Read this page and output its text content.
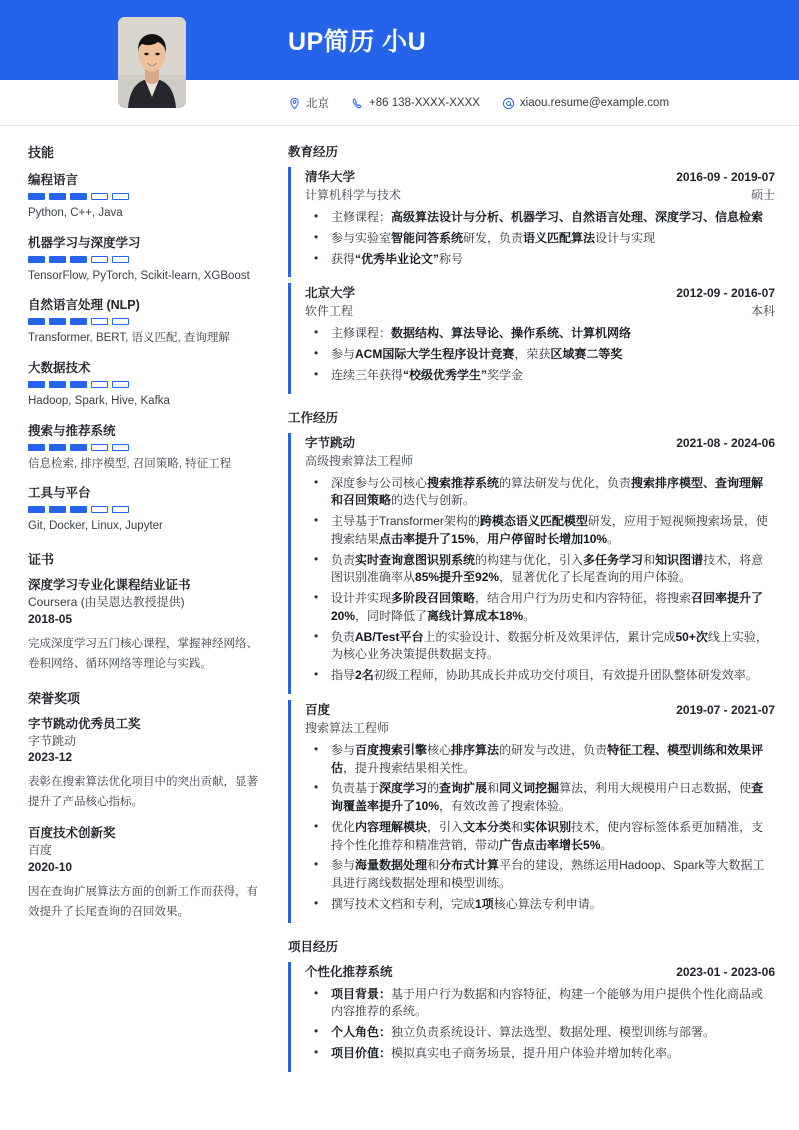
UP简历 小U
北京	+86 138-XXXX-XXXX	xiaou.resume@example.com
技能
编程语言
Python, C++, Java
机器学习与深度学习
TensorFlow, PyTorch, Scikit-learn, XGBoost
自然语言处理 (NLP)
Transformer, BERT, 语义匹配, 查询理解
大数据技术
Hadoop, Spark, Hive, Kafka
搜索与推荐系统
信息检索, 排序模型, 召回策略, 特征工程
工具与平台
Git, Docker, Linux, Jupyter
证书
深度学习专业化课程结业证书
Coursera (由吴恩达教授提供)
2018-05
完成深度学习五门核心课程，掌握神经网络、卷积网络、循环网络等理论与实践。
荣誉奖项
字节跳动优秀员工奖
字节跳动
2023-12
表彰在搜索算法优化项目中的突出贡献，显著提升了产品核心指标。
百度技术创新奖
百度
2020-10
因在查询扩展算法方面的创新工作而获得，有效提升了长尾查询的召回效果。
教育经历
清华大学	2016-09 - 2019-07
计算机科学与技术	硕士
• 主修课程：高级算法设计与分析、机器学习、自然语言处理、深度学习、信息检索
• 参与实验室智能问答系统研发，负责语义匹配算法设计与实现
• 获得“优秀毕业论文”称号
北京大学	2012-09 - 2016-07
软件工程	本科
• 主修课程：数据结构、算法导论、操作系统、计算机网络
• 参与ACM国际大学生程序设计竞赛，荣获区域赛二等奖
• 连续三年获得“校级优秀学生”奖学金
工作经历
字节跳动	2021-08 - 2024-06
高级搜索算法工程师
• 深度参与公司核心搜索推荐系统的算法研发与优化，负责搜索排序模型、查询理解和召回策略的迭代与创新。
• 主导基于Transformer架构的跨模态语义匹配模型研发，应用于短视频搜索场景，使搜索结果点击率提升了15%，用户停留时长增加10%。
• 负责实时查询意图识别系统的构建与优化，引入多任务学习和知识图谱技术，将意图识别准确率从85%提升至92%，显著优化了长尾查询的用户体验。
• 设计并实现多阶段召回策略，结合用户行为历史和内容特征，将搜索召回率提升了20%，同时降低了离线计算成本18%。
• 负责AB/Test平台上的实验设计、数据分析及效果评估，累计完成50+次线上实验，为核心业务决策提供数据支持。
• 指导2名初级工程师，协助其成长并成功交付项目，有效提升团队整体研发效率。
百度	2019-07 - 2021-07
搜索算法工程师
• 参与百度搜索引擎核心排序算法的研发与改进，负责特征工程、模型训练和效果评估，提升搜索结果相关性。
• 负责基于深度学习的查询扩展和同义词挖掘算法，利用大规模用户日志数据，使查询覆盖率提升了10%，有效改善了搜索体验。
• 优化内容理解模块，引入文本分类和实体识别技术，使内容标签体系更加精准，支持个性化推荐和精准营销，带动广告点击率增长5%。
• 参与海量数据处理和分布式计算平台的建设，熟练运用Hadoop、Spark等大数据工具进行离线数据处理和模型训练。
• 撰写技术文档和专利，完成1项核心算法专利申请。
项目经历
个性化推荐系统	2023-01 - 2023-06
• 项目背景：基于用户行为数据和内容特征，构建一个能够为用户提供个性化商品或内容推荐的系统。
• 个人角色：独立负责系统设计、算法选型、数据处理、模型训练与部署。
• 项目价值：模拟真实电子商务场景，提升用户体验并增加转化率。
